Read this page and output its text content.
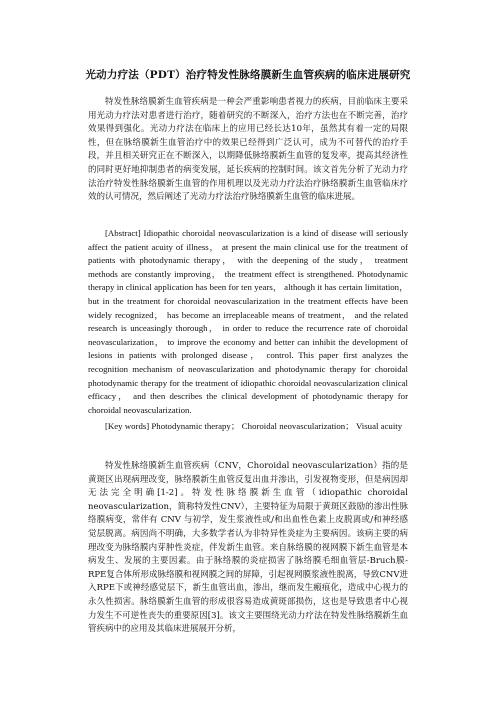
光动力疗法（PDT）治疗特发性脉络膜新生血管疾病的临床进展研究

特发性脉络膜新生血管疾病是一种会严重影响患者视力的疾病，目前临床主要采用光动力疗法对患者进行治疗，随着研究的不断深入，治疗方法也在不断完善，治疗效果得到强化。光动力疗法在临床上的应用已经长达10年，虽然其有着一定的局限性，但在脉络膜新生血管治疗中的效果已经得到广泛认可，成为不可替代的治疗手段，并且相关研究正在不断深入，以期降低脉络膜新生血管的复发率，提高其经济性的同时更好地抑制患者的病变发展，延长疾病的控制时间。该文首先分析了光动力疗法治疗特发性脉络膜新生血管的作用机理以及光动力疗法治疗脉络膜新生血管临床疗效的认可情况，然后阐述了光动力疗法治疗脉络膜新生血管的临床进展。

[Abstract] Idiopathic choroidal neovascularization is a kind of disease will seriously affect the patient acuity of illness， at present the main clinical use for the treatment of patients with photodynamic therapy， with the deepening of the study， treatment methods are constantly improving， the treatment effect is strengthened. Photodynamic therapy in clinical application has been for ten years， although it has certain limitation， but in the treatment for choroidal neovascularization in the treatment effects have been widely recognized， has become an irreplaceable means of treatment， and the related research is unceasingly thorough， in order to reduce the recurrence rate of choroidal neovascularization， to improve the economy and better can inhibit the development of lesions in patients with prolonged disease， control. This paper first analyzes the recognition mechanism of neovascularization and photodynamic therapy for choroidal photodynamic therapy for the treatment of idiopathic choroidal neovascularization clinical efficacy， and then describes the clinical development of photodynamic therapy for choroidal neovascularization.

[Key words] Photodynamic therapy； Choroidal neovascularization； Visual acuity

特发性脉络膜新生血管疾病（CNV，Choroidal neovascularization）指的是黄斑区出现病理改变，脉络膜新生血管反复出血并渗出，引发视物变形，但是病因却无法完全明确[1-2]。特发性脉络膜新生血管（idiopathic choroidal neovascularization，简称特发性CNV），主要特征为局限于黄斑区鼓励的渗出性脉络膜病变，常伴有 CNV 与初学，发生浆液性或/和出血性色素上皮脱离或/和神经感觉层脱离。病因尚不明确，大多数学者认为非特异性炎症为主要病因。该病主要的病理改变为脉络膜内芽肿性炎症，伴发新生血管。来自脉络膜的视网膜下新生血管是本病发生、发展的主要因素。由于脉络膜的炎症损害了脉络膜毛细血管层-Bruch膜-RPE复合体所形成脉络膜和视网膜之间的屏障，引起视网膜浆液性脱离，导致CNV进入RPE下或神经感觉层下，新生血管出血，渗出，继而发生瘢痕化，造成中心视力的永久性损害。脉络膜新生血管的形成很容易造成黄斑部损伤，这也是导致患者中心视力发生不可逆性丧失的重要原因[3]。该文主要围绕光动力疗法在特发性脉络膜新生血管疾病中的应用及其临床进展展开分析，
